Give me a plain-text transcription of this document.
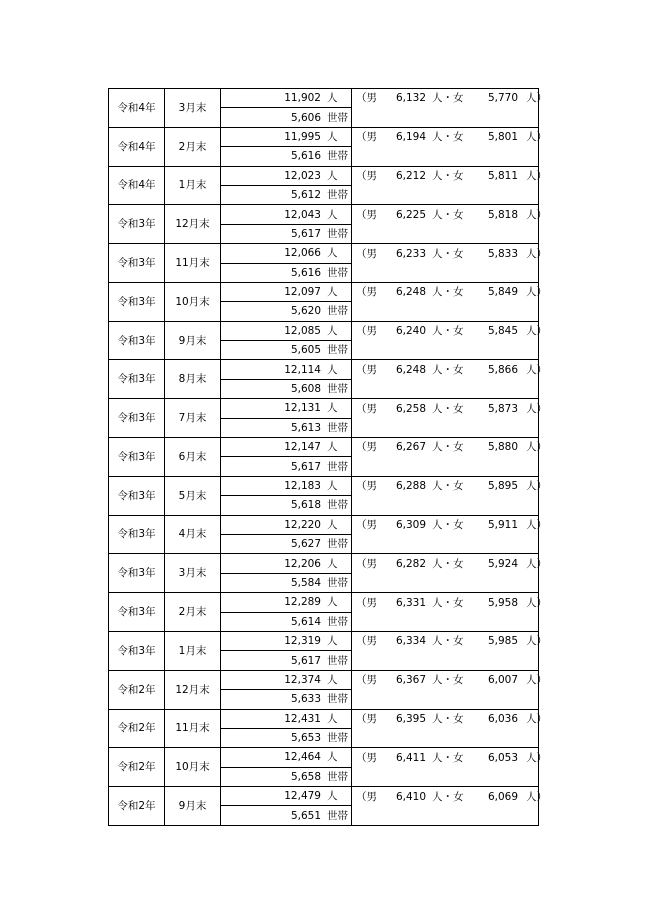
令和4年	3月末	11,902 人	（男 6,132 人・女 5,770 人）
		5,606 世帯	
令和4年	2月末	11,995 人	（男 6,194 人・女 5,801 人）
		5,616 世帯	
令和4年	1月末	12,023 人	（男 6,212 人・女 5,811 人）
		5,612 世帯	
令和3年	12月末	12,043 人	（男 6,225 人・女 5,818 人）
		5,617 世帯	
令和3年	11月末	12,066 人	（男 6,233 人・女 5,833 人）
		5,616 世帯	
令和3年	10月末	12,097 人	（男 6,248 人・女 5,849 人）
		5,620 世帯	
令和3年	9月末	12,085 人	（男 6,240 人・女 5,845 人）
		5,605 世帯	
令和3年	8月末	12,114 人	（男 6,248 人・女 5,866 人）
		5,608 世帯	
令和3年	7月末	12,131 人	（男 6,258 人・女 5,873 人）
		5,613 世帯	
令和3年	6月末	12,147 人	（男 6,267 人・女 5,880 人）
		5,617 世帯	
令和3年	5月末	12,183 人	（男 6,288 人・女 5,895 人）
		5,618 世帯	
令和3年	4月末	12,220 人	（男 6,309 人・女 5,911 人）
		5,627 世帯	
令和3年	3月末	12,206 人	（男 6,282 人・女 5,924 人）
		5,584 世帯	
令和3年	2月末	12,289 人	（男 6,331 人・女 5,958 人）
		5,614 世帯	
令和3年	1月末	12,319 人	（男 6,334 人・女 5,985 人）
		5,617 世帯	
令和2年	12月末	12,374 人	（男 6,367 人・女 6,007 人）
		5,633 世帯	
令和2年	11月末	12,431 人	（男 6,395 人・女 6,036 人）
		5,653 世帯	
令和2年	10月末	12,464 人	（男 6,411 人・女 6,053 人）
		5,658 世帯	
令和2年	9月末	12,479 人	（男 6,410 人・女 6,069 人）
		5,651 世帯	
